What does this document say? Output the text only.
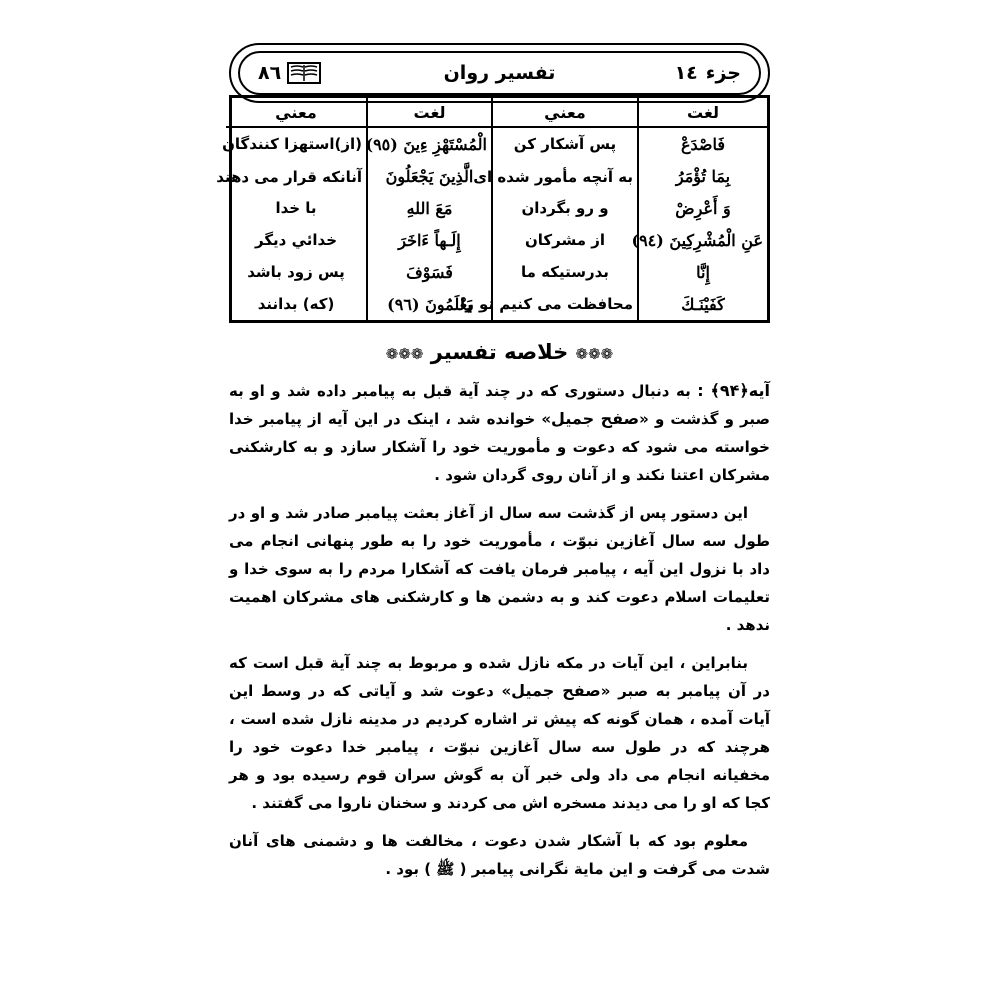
جزء
١٤
تفسیر روان
٨٦
لغت	معني	لغت	معني
فَاصْدَعْ	پس آشکار کن	الْمُسْتَهْزِ ءِينَ (٩٥)	(از)استهزا كنندگان
بِمَا تُؤْمَرُ	به آنچه مأمور شده ای	الَّذِينَ يَجْعَلُونَ	آنانكه قرار مى دهند
وَ أَعْرِضْ	و رو بگردان	مَعَ اللهِ	با خدا
عَنِ الْمُشْرِكِينَ (٩٤)	از مشركان	إِلَـهاً ءَاخَرَ	خدائي ديگر
إِنَّا	بدرستيكه ما	فَسَوْفَ	پس زود باشد
كَفَيْنَـكَ	محافظت مى كنيم تو را	يَعْلَمُونَ (٩٦)	(كه) بدانند
❁❁❁ خلاصه تفسير ❁❁❁

آیه﴿۹۴﴾ : به دنبال دستوری که در چند آیة قبل به پیامبر داده شد و او به صبر و گذشت و «صفح جمیل» خوانده شد ، اینک در این آیه از پیامبر خدا خواسته می شود که دعوت و مأموریت خود را آشکار سازد و به کارشکنی مشرکان اعتنا نکند و از آنان روی گردان شود .

این دستور پس از گذشت سه سال از آغاز بعثت پیامبر صادر شد و او در طول سه سال آغازین نبوّت ، مأموریت خود را به طور پنهانی انجام می داد با نزول این آیه ، پیامبر فرمان یافت که آشکارا مردم را به سوی خدا و تعلیمات اسلام دعوت کند و به دشمن ها و کارشکنی های مشرکان اهمیت ندهد .

بنابراین ، این آیات در مکه نازل شده و مربوط به چند آیة قبل است که در آن پیامبر به صبر «صفح جمیل» دعوت شد و آیاتی که در وسط این آیات آمده ، همان گونه که پیش تر اشاره کردیم در مدینه نازل شده است ، هرچند که در طول سه سال آغازین نبوّت ، پیامبر خدا دعوت خود را مخفیانه انجام می داد ولی خبر آن به گوش سران قوم رسیده بود و هر کجا که او را می دیدند مسخره اش می کردند و سخنان ناروا می گفتند .

معلوم بود که با آشکار شدن دعوت ، مخالفت ها و دشمنی های آنان شدت می گرفت و این مایة نگرانی پیامبر ( ﷺ ) بود .
